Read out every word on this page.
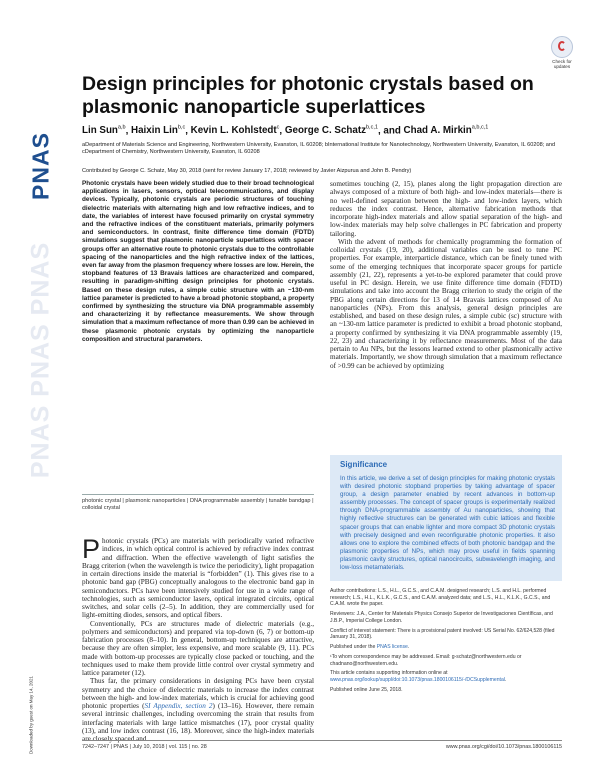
PNAS PNAS PNAS
PNAS
Downloaded by guest on May 14, 2021
Check for updates
Design principles for photonic crystals based on plasmonic nanoparticle superlattices
Lin Sun$^{a,b}$, Haixin Lin$^{b,c}$, Kevin L. Kohlstedt$^c$, George C. Schatz$^{b,c,1}$, and Chad A. Mirkin$^{a,b,c,1}$
aDepartment of Materials Science and Engineering, Northwestern University, Evanston, IL 60208; bInternational Institute for Nanotechnology, Northwestern University, Evanston, IL 60208; and cDepartment of Chemistry, Northwestern University, Evanston, IL 60208
Contributed by George C. Schatz, May 30, 2018 (sent for review January 17, 2018; reviewed by Javier Aizpurua and John B. Pendry)

Photonic crystals have been widely studied due to their broad technological applications in lasers, sensors, optical telecommunications, and display devices. Typically, photonic crystals are periodic structures of touching dielectric materials with alternating high and low refractive indices, and to date, the variables of interest have focused primarily on crystal symmetry and the refractive indices of the constituent materials, primarily polymers and semiconductors. In contrast, finite difference time domain (FDTD) simulations suggest that plasmonic nanoparticle superlattices with spacer groups offer an alternative route to photonic crystals due to the controllable spacing of the nanoparticles and the high refractive index of the lattices, even far away from the plasmon frequency where losses are low. Herein, the stopband features of 13 Bravais lattices are characterized and compared, resulting in paradigm-shifting design principles for photonic crystals. Based on these design rules, a simple cubic structure with an ~130-nm lattice parameter is predicted to have a broad photonic stopband, a property confirmed by synthesizing the structure via DNA programmable assembly and characterizing it by reflectance measurements. We show through simulation that a maximum reflectance of more than 0.99 can be achieved in these plasmonic photonic crystals by optimizing the nanoparticle composition and structural parameters.

photonic crystal | plasmonic nanoparticles | DNA programmable assembly | tunable bandgap | colloidal crystal

Photonic crystals (PCs) are materials with periodically varied refractive indices, in which optical control is achieved by refractive index contrast and diffraction. When the effective wavelength of light satisfies the Bragg criterion (when the wavelength is twice the periodicity), light propagation in certain directions inside the material is “forbidden” (1). This gives rise to a photonic band gap (PBG) conceptually analogous to the electronic band gap in semiconductors. PCs have been intensively studied for use in a wide range of technologies, such as semiconductor lasers, optical integrated circuits, optical switches, and solar cells (2–5). In addition, they are commercially used for light-emitting diodes, sensors, and optical fibers.

Conventionally, PCs are structures made of dielectric materials (e.g., polymers and semiconductors) and prepared via top-down (6, 7) or bottom-up fabrication processes (8–10). In general, bottom-up techniques are attractive, because they are often simpler, less expensive, and more scalable (9, 11). PCs made with bottom-up processes are typically close packed or touching, and the techniques used to make them provide little control over crystal symmetry and lattice parameter (12).

Thus far, the primary considerations in designing PCs have been crystal symmetry and the choice of dielectric materials to increase the index contrast between the high- and low-index materials, which is crucial for achieving good photonic properties (SI Appendix, section 2) (13–16). However, there remain several intrinsic challenges, including overcoming the strain that results from interfacing materials with large lattice mismatches (17), poor crystal quality (13), and low index contrast (16, 18). Moreover, since the high-index materials are closely spaced and

sometimes touching (2, 15), planes along the light propagation direction are always composed of a mixture of both high- and low-index materials—there is no well-defined separation between the high- and low-index layers, which reduces the index contrast. Hence, alternative fabrication methods that incorporate high-index materials and allow spatial separation of the high- and low-index materials may help solve challenges in PC fabrication and property tailoring.

With the advent of methods for chemically programming the formation of colloidal crystals (19, 20), additional variables can be used to tune PC properties. For example, interparticle distance, which can be finely tuned with some of the emerging techniques that incorporate spacer groups for particle assembly (21, 22), represents a yet-to-be explored parameter that could prove useful in PC design. Herein, we use finite difference time domain (FDTD) simulations and take into account the Bragg criterion to study the origin of the PBG along certain directions for 13 of 14 Bravais lattices composed of Au nanoparticles (NPs). From this analysis, general design principles are established, and based on these design rules, a simple cubic (sc) structure with an ~130-nm lattice parameter is predicted to exhibit a broad photonic stopband, a property confirmed by synthesizing it via DNA programmable assembly (19, 22, 23) and characterizing it by reflectance measurements. Most of the data pertain to Au NPs, but the lessons learned extend to other plasmonically active materials. Importantly, we show through simulation that a maximum reflectance of >0.99 can be achieved by optimizing

Significance
In this article, we derive a set of design principles for making photonic crystals with desired photonic stopband properties by taking advantage of spacer group, a design parameter enabled by recent advances in bottom-up assembly processes. The concept of spacer groups is experimentally realized through DNA-programmable assembly of Au nanoparticles, showing that highly reflective structures can be generated with cubic lattices and flexible spacer groups that can enable lighter and more compact 3D photonic crystals with precisely designed and even reconfigurable photonic properties. It also allows one to explore the combined effects of both photonic bandgap and the plasmonic properties of NPs, which may prove useful in fields spanning plasmonic cavity structures, optical nanocircuits, subwavelength imaging, and low-loss metamaterials.

Author contributions: L.S., H.L., G.C.S., and C.A.M. designed research; L.S. and H.L. performed research; L.S., H.L., K.L.K., G.C.S., and C.A.M. analyzed data; and L.S., H.L., K.L.K., G.C.S., and C.A.M. wrote the paper.

Reviewers: J.A., Center for Materials Physics Consejo Superior de Investigaciones Científicas, and J.B.P., Imperial College London.

Conflict of interest statement: There is a provisional patent involved: US Serial No. 62/624,528 (filed January 31, 2018).

Published under the PNAS license.

¹To whom correspondence may be addressed. Email: g-schatz@northwestern.edu or chadnano@northwestern.edu.

This article contains supporting information online at www.pnas.org/lookup/suppl/doi:10.1073/pnas.1800106115/-/DCSupplemental.

Published online June 25, 2018.

7242–7247 | PNAS | July 10, 2018 | vol. 115 | no. 28	www.pnas.org/cgi/doi/10.1073/pnas.1800106115
